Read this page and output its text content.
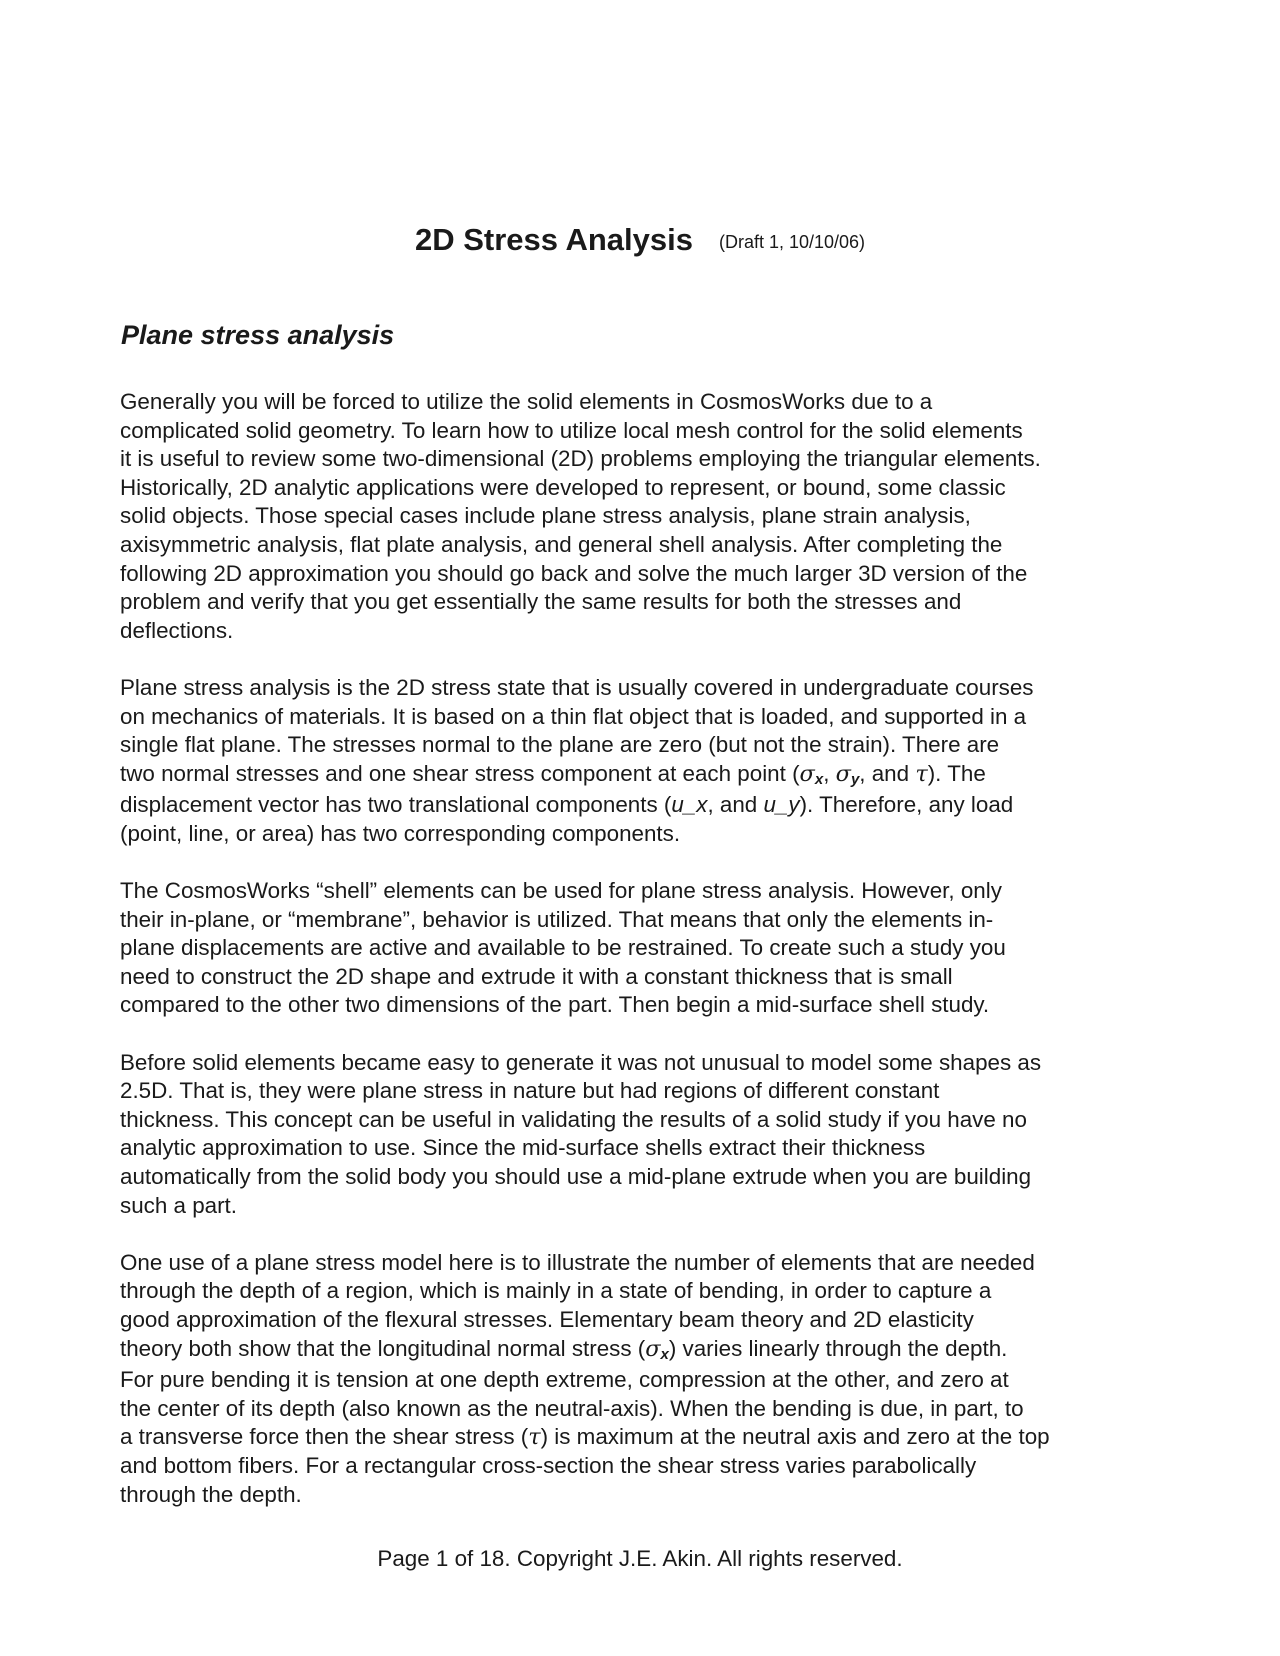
2D Stress Analysis (Draft 1, 10/10/06)
Plane stress analysis

Generally you will be forced to utilize the solid elements in CosmosWorks due to a
complicated solid geometry. To learn how to utilize local mesh control for the solid elements
it is useful to review some two-dimensional (2D) problems employing the triangular elements.
Historically, 2D analytic applications were developed to represent, or bound, some classic
solid objects. Those special cases include plane stress analysis, plane strain analysis,
axisymmetric analysis, flat plate analysis, and general shell analysis. After completing the
following 2D approximation you should go back and solve the much larger 3D version of the
problem and verify that you get essentially the same results for both the stresses and
deflections.

Plane stress analysis is the 2D stress state that is usually covered in undergraduate courses
on mechanics of materials. It is based on a thin flat object that is loaded, and supported in a
single flat plane. The stresses normal to the plane are zero (but not the strain). There are
two normal stresses and one shear stress component at each point (σx, σy, and τ). The
displacement vector has two translational components (u_x, and u_y). Therefore, any load
(point, line, or area) has two corresponding components.

The CosmosWorks “shell” elements can be used for plane stress analysis. However, only
their in-plane, or “membrane”, behavior is utilized. That means that only the elements in-
plane displacements are active and available to be restrained. To create such a study you
need to construct the 2D shape and extrude it with a constant thickness that is small
compared to the other two dimensions of the part. Then begin a mid-surface shell study.

Before solid elements became easy to generate it was not unusual to model some shapes as
2.5D. That is, they were plane stress in nature but had regions of different constant
thickness. This concept can be useful in validating the results of a solid study if you have no
analytic approximation to use. Since the mid-surface shells extract their thickness
automatically from the solid body you should use a mid-plane extrude when you are building
such a part.

One use of a plane stress model here is to illustrate the number of elements that are needed
through the depth of a region, which is mainly in a state of bending, in order to capture a
good approximation of the flexural stresses. Elementary beam theory and 2D elasticity
theory both show that the longitudinal normal stress (σx) varies linearly through the depth.
For pure bending it is tension at one depth extreme, compression at the other, and zero at
the center of its depth (also known as the neutral-axis). When the bending is due, in part, to
a transverse force then the shear stress (τ) is maximum at the neutral axis and zero at the top
and bottom fibers. For a rectangular cross-section the shear stress varies parabolically
through the depth.

Page 1 of 18. Copyright J.E. Akin. All rights reserved.
